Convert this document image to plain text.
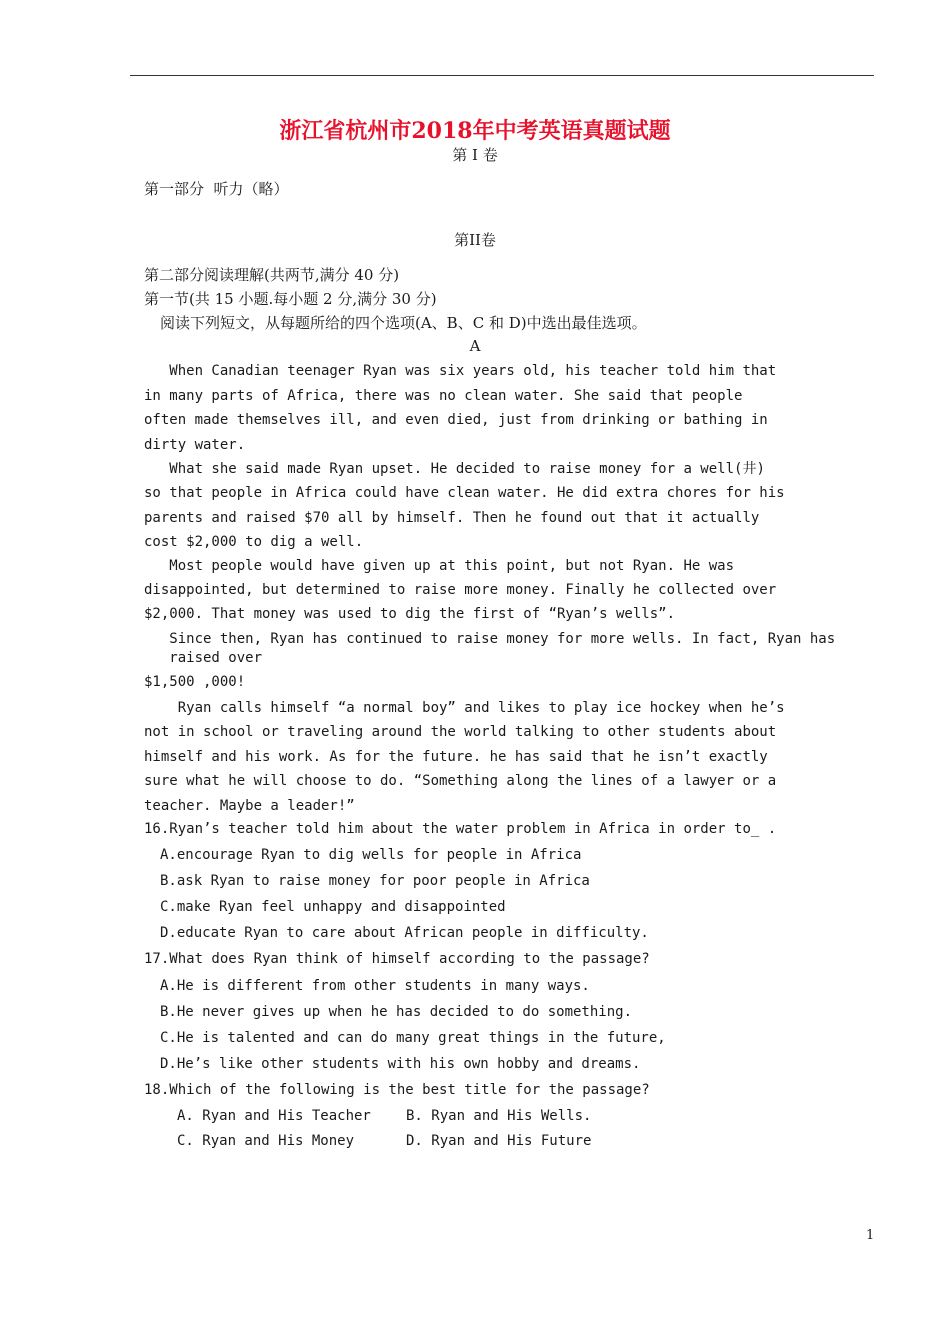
浙江省杭州市2018年中考英语真题试题
第 I 卷
第一部分  听力（略）
第II卷
第二部分阅读理解(共两节,满分 40 分)
第一节(共 15 小题.每小题 2 分,满分 30 分)
阅读下列短文，从每题所给的四个选项(A、B、C 和 D)中选出最佳选项。
A
When Canadian teenager Ryan was six years old, his teacher told him that
in many parts of Africa, there was no clean water. She said that people
often made themselves ill, and even died, just from drinking or bathing in
dirty water.
What she said made Ryan upset. He decided to raise money for a well(井)
so that people in Africa could have clean water. He did extra chores for his
parents and raised $70 all by himself. Then he found out that it actually
cost $2,000 to dig a well.
Most people would have given up at this point, but not Ryan. He was
disappointed, but determined to raise more money. Finally he collected over
$2,000. That money was used to dig the first of “Ryan’s wells”.
Since then, Ryan has continued to raise money for more wells. In fact, Ryan has
raised over
$1,500 ,000!
Ryan calls himself “a normal boy” and likes to play ice hockey when he’s
not in school or traveling around the world talking to other students about
himself and his work. As for the future. he has said that he isn’t exactly
sure what he will choose to do. “Something along the lines of a lawyer or a
teacher. Maybe a leader!”
16.Ryan’s teacher told him about the water problem in Africa in order to_ .
A.encourage Ryan to dig wells for people in Africa
B.ask Ryan to raise money for poor people in Africa
C.make Ryan feel unhappy and disappointed
D.educate Ryan to care about African people in difficulty.
17.What does Ryan think of himself according to the passage?
A.He is different from other students in many ways.
B.He never gives up when he has decided to do something.
C.He is talented and can do many great things in the future,
D.He’s like other students with his own hobby and dreams.
18.Which of the following is the best title for the passage?
A. Ryan and His Teacher	B. Ryan and His Wells.
C. Ryan and His Money	D. Ryan and His Future
1
